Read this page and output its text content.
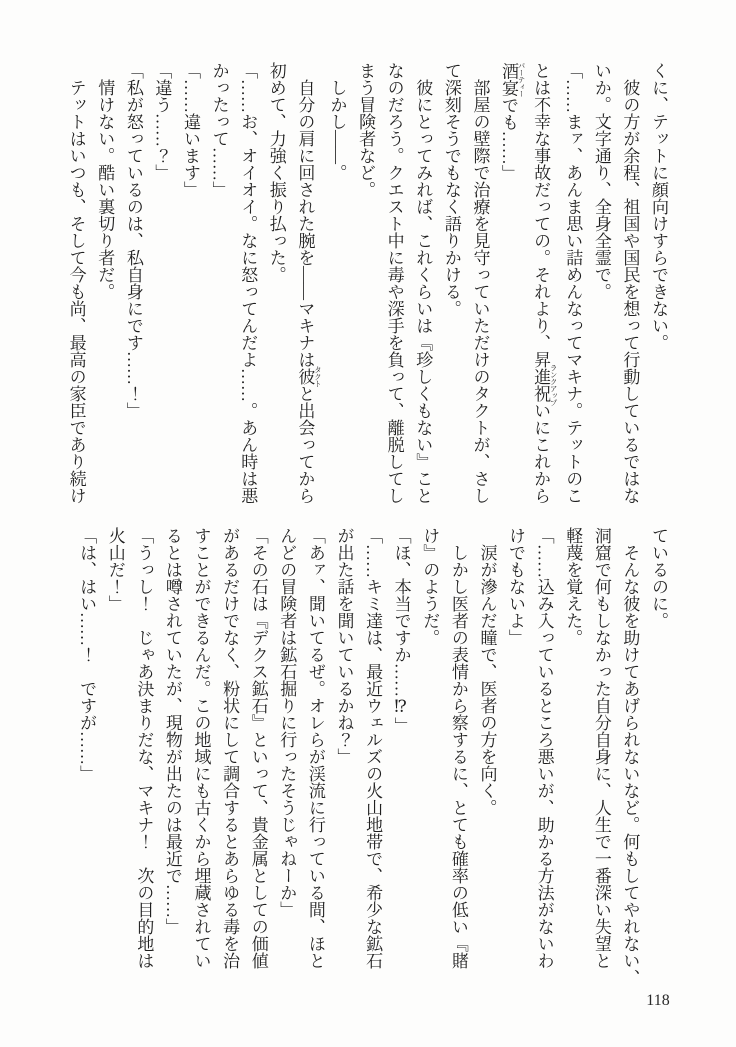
くに、テットに顔向けすらできない。

彼の方が余程、祖国や国民を想って行動しているではな

いか。文字通り、全身全霊で。

「……まァ、あんま思い詰めんなってマキナ。テットのこ

とは不幸な事故だっての。それより、昇進祝い ランクアップにこれから

酒宴 パーティーでも……」

部屋の壁際で治療を見守っていただけのタクトが、さし

て深刻そうでもなく語りかける。

彼にとってみれば、これくらいは『珍しくもない』こと

なのだろう。クエスト中に毒や深手を負って、離脱してし

まう冒険者など。

しかし――。

自分の肩に回された腕を――マキナは彼 タクトと出会ってから

初めて、力強く振り払った。

「……お、オイオイ。なに怒ってんだよ……。あん時は悪

かったって……」

「……違います」

「違う……？」

「私が怒っているのは、私自身にです……！」

情けない。酷い裏切り者だ。

テットはいつも、そして今も尚、最高の家臣であり続け

ているのに。

そんな彼を助けてあげられないなど。何もしてやれない、

洞窟で何もしなかった自分自身に、人生で一番深い失望と

軽蔑を覚えた。

「……込み入っているところ悪いが、助かる方法がないわ

けでもないよ」

涙が滲んだ瞳で、医者の方を向く。

しかし医者の表情から察するに、とても確率の低い『賭

け』のようだ。

「ほ、本当ですか……⁉」

「……キミ達は、最近ウェルズの火山地帯で、希少な鉱石

が出た話を聞いているかね？」

「あァ、聞いてるぜ。オレらが渓流に行っている間、ほと

んどの冒険者は鉱石掘りに行ったそうじゃねーか」

「その石は『デクス鉱石』といって、貴金属としての価値

があるだけでなく、粉状にして調合するとあらゆる毒を治

すことができるんだ。この地域にも古くから埋蔵されてい

るとは噂されていたが、現物が出たのは最近で……」

「うっし！　じゃあ決まりだな、マキナ！　次の目的地は

火山だ！」

「は、はい……！　ですが……」

118
